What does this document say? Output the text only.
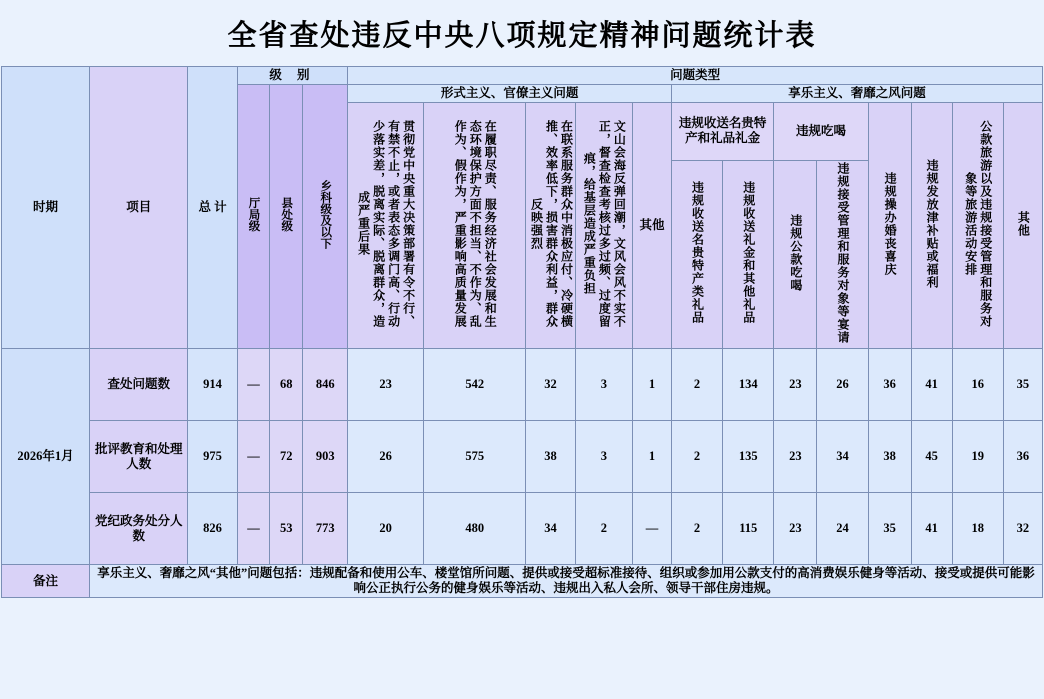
全省查处违反中央八项规定精神问题统计表
时期	项目	总 计	级 别			问题类型												
			厅局级	县处级	乡科级及以下	形式主义、官僚主义问题					享乐主义、奢靡之风问题							
						贯彻党中央重大决策部署有令不行、有禁不止，或者表态多调门高、行动少落实差，脱离实际、脱离群众，造成严重后果	在履职尽责、服务经济社会发展和生态环境保护方面不担当、不作为、乱作为、假作为，严重影响高质量发展	在联系服务群众中消极应付、冷硬横推、效率低下，损害群众利益，群众反映强烈	文山会海反弹回潮，文风会风不实不正，督查检查考核过多过频、过度留痕，给基层造成严重负担	其他	违规收送名贵特产和礼品礼金		违规吃喝		违规操办婚丧喜庆	违规发放津补贴或福利	公款旅游以及违规接受管理和服务对象等旅游活动安排	其他
											违规收送名贵特产类礼品	违规收送礼金和其他礼品	违规公款吃喝	违规接受管理和服务对象等宴请				

2026年1月	查处问题数	914	—	68	846	23	542	32	3	1	2	134	23	26	36	41	16	35
	批评教育和处理人数	975	—	72	903	26	575	38	3	1	2	135	23	34	38	45	19	36
	党纪政务处分人数	826	—	53	773	20	480	34	2	—	2	115	23	24	35	41	18	32
备注	享乐主义、奢靡之风“其他”问题包括：违规配备和使用公车、楼堂馆所问题、提供或接受超标准接待、组织或参加用公款支付的高消费娱乐健身等活动、接受或提供可能影响公正执行公务的健身娱乐等活动、违规出入私人会所、领导干部住房违规。																	
